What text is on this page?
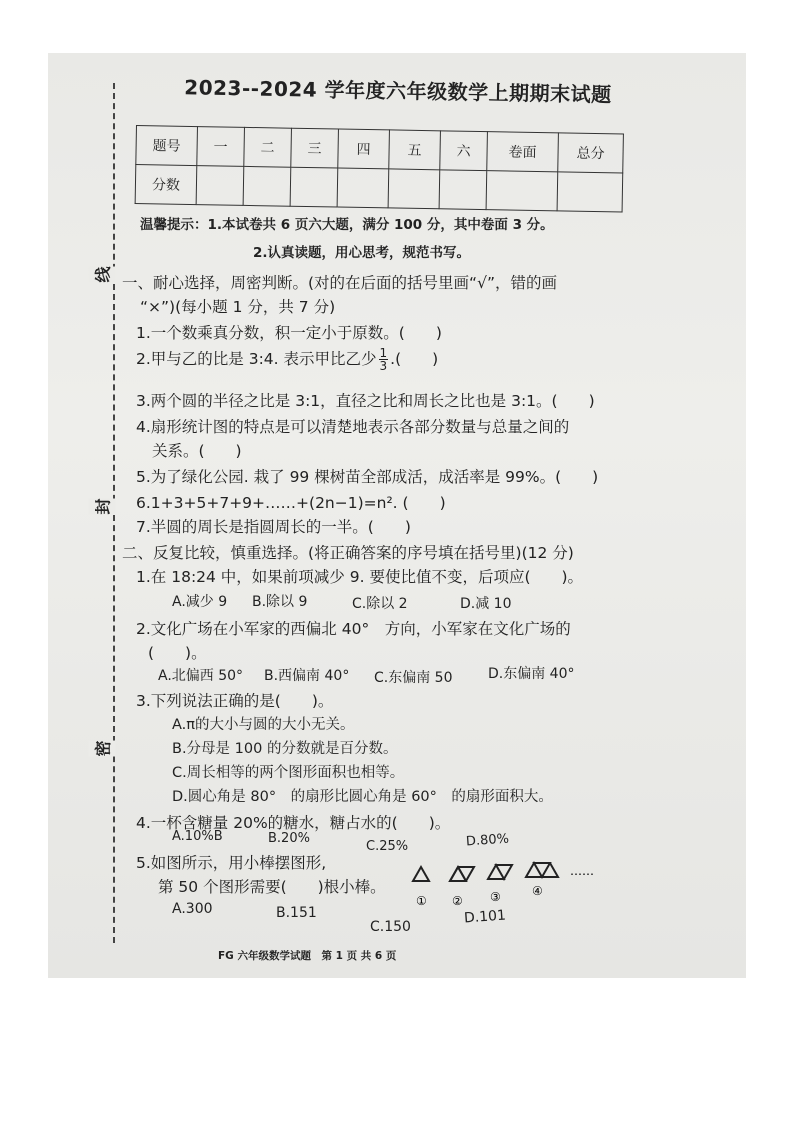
线
封
密
2023--2024 学年度六年级数学上期期末试题
题号	一	二	三	四	五	六	卷面	总分
分数								
温馨提示：1.本试卷共 6 页六大题，满分 100 分，其中卷面 3 分。
2.认真读题，用心思考，规范书写。
一、耐心选择，周密判断。(对的在后面的括号里画“√”，错的画
“×”)(每小题 1 分，共 7 分)
1.一个数乘真分数，积一定小于原数。(　　)
2.甲与乙的比是 3:4. 表示甲比乙少 $\frac{1}{3}$ .(　　)
3.两个圆的半径之比是 3:1，直径之比和周长之比也是 3:1。(　　)
4.扇形统计图的特点是可以清楚地表示各部分数量与总量之间的
关系。(　　)
5.为了绿化公园. 栽了 99 棵树苗全部成活，成活率是 99%。(　　)
6.1+3+5+7+9+……+(2n−1)=n². (　　)
7.半圆的周长是指圆周长的一半。(　　)
二、反复比较，慎重选择。(将正确答案的序号填在括号里)(12 分)
1.在 18:24 中，如果前项减少 9. 要使比值不变，后项应(　　)。
A.减少 9 B.除以 9	C.除以 2	D.减 10
2.文化广场在小军家的西偏北 40°　方向，小军家在文化广场的
(　　)。
A.北偏西 50° B.西偏南 40° C.东偏南 50	D.东偏南 40°
3.下列说法正确的是(　　)。
A.π的大小与圆的大小无关。
B.分母是 100 的分数就是百分数。
C.周长相等的两个图形面积也相等。
D.圆心角是 80°　的扇形比圆心角是 60°　的扇形面积大。
4.一杯含糖量 20%的糖水，糖占水的(　　)。
A.10%B	B.20%
C.25%	D.80%
5.如图所示，用小棒摆图形,
第 50 个图形需要(　　)根小棒。
A.300	B.151
C.150
D.101
① ② ③	④
……
FG 六年级数学试题　第 1 页 共 6 页
